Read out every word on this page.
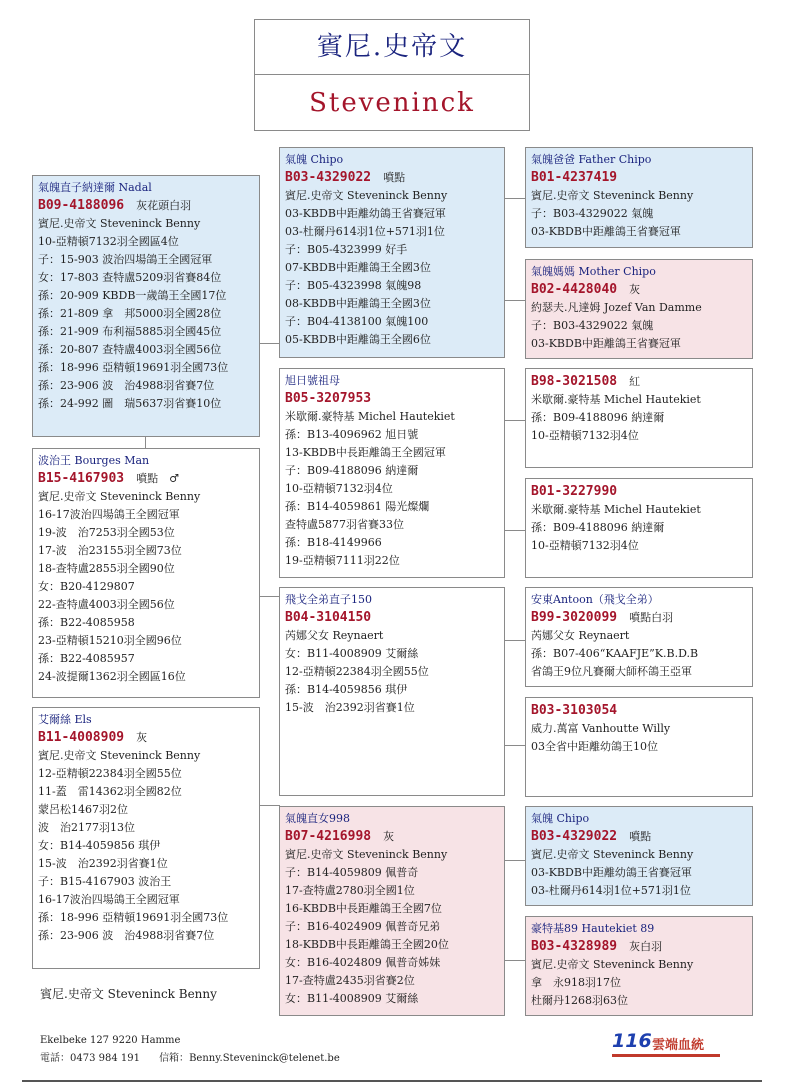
賓尼.史帝文
Steveninck
氣魄直子納達爾 Nadal
B09-4188096 灰花頭白羽
賓尼.史帝文 Steveninck Benny
10-亞精頓7132羽全國區4位
子：15-903 波治四場鴿王全國冠軍
女：17-803 查特盧5209羽省賽84位
孫：20-909 KBDB一歲鴿王全國17位
孫：21-809 拿　邦5000羽全國28位
孫：21-909 布利福5885羽全國45位
孫：20-807 查特盧4003羽全國56位
孫：18-996 亞精頓19691羽全國73位
孫：23-906 波　治4988羽省賽7位
孫：24-992 圖　瑞5637羽省賽10位
波治王 Bourges Man
B15-4167903 噴點　♂
賓尼.史帝文 Steveninck Benny
16-17波治四場鴿王全國冠軍
19-波　治7253羽全國53位
17-波　治23155羽全國73位
18-查特盧2855羽全國90位
女：B20-4129807
22-查特盧4003羽全國56位
孫：B22-4085958
23-亞精頓15210羽全國96位
孫：B22-4085957
24-波提爾1362羽全國區16位
艾爾絲 Els
B11-4008909 灰
賓尼.史帝文 Steveninck Benny
12-亞精頓22384羽全國55位
11-蓋　雷14362羽全國82位
蒙呂松1467羽2位
波　治2177羽13位
女：B14-4059856 琪伊
15-波　治2392羽省賽1位
子：B15-4167903 波治王
16-17波治四場鴿王全國冠軍
孫：18-996 亞精頓19691羽全國73位
孫：23-906 波　治4988羽省賽7位
氣魄 Chipo
B03-4329022 噴點
賓尼.史帝文 Steveninck Benny
03-KBDB中距離幼鴿王省賽冠軍
03-杜爾丹614羽1位+571羽1位
子：B05-4323999 好手
07-KBDB中距離鴿王全國3位
子：B05-4323998 氣魄98
08-KBDB中距離鴿王全國3位
子：B04-4138100 氣魄100
05-KBDB中距離鴿王全國6位
旭日號祖母
B05-3207953
米歇爾.豪特基 Michel Hautekiet
孫：B13-4096962 旭日號
13-KBDB中長距離鴿王全國冠軍
子：B09-4188096 納達爾
10-亞精頓7132羽4位
孫：B14-4059861 陽光燦爛
查特盧5877羽省賽33位
孫：B18-4149966
19-亞精頓7111羽22位
飛戈全弟直子150
B04-3104150
芮娜父女 Reynaert
女：B11-4008909 艾爾絲
12-亞精頓22384羽全國55位
孫：B14-4059856 琪伊
15-波　治2392羽省賽1位
氣魄直女998
B07-4216998 灰
賓尼.史帝文 Steveninck Benny
子：B14-4059809 佩普奇
17-查特盧2780羽全國1位
16-KBDB中長距離鴿王全國7位
子：B16-4024909 佩普奇兄弟
18-KBDB中長距離鴿王全國20位
女：B16-4024809 佩普奇姊妹
17-查特盧2435羽省賽2位
女：B11-4008909 艾爾絲
氣魄爸爸 Father Chipo
B01-4237419
賓尼.史帝文 Steveninck Benny
子：B03-4329022 氣魄
03-KBDB中距離鴿王省賽冠軍
氣魄媽媽 Mother Chipo
B02-4428040 灰
約瑟夫.凡達姆 Jozef Van Damme
子：B03-4329022 氣魄
03-KBDB中距離鴿王省賽冠軍
B98-3021508 紅
米歇爾.豪特基 Michel Hautekiet
孫：B09-4188096 納達爾
10-亞精頓7132羽4位
B01-3227990
米歇爾.豪特基 Michel Hautekiet
孫：B09-4188096 納達爾
10-亞精頓7132羽4位
安東Antoon（飛戈全弟）
B99-3020099 噴點白羽
芮娜父女 Reynaert
孫：B07-406“KAAFJE”K.B.D.B
省鴿王9位凡賽爾大師杯鴿王亞軍
B03-3103054
威力.萬富 Vanhoutte Willy
03全省中距離幼鴿王10位
氣魄 Chipo
B03-4329022 噴點
賓尼.史帝文 Steveninck Benny
03-KBDB中距離幼鴿王省賽冠軍
03-杜爾丹614羽1位+571羽1位
豪特基89 Hautekiet 89
B03-4328989 灰白羽
賓尼.史帝文 Steveninck Benny
拿　永918羽17位
杜爾丹1268羽63位
賓尼.史帝文 Steveninck Benny
Ekelbeke 127 9220 Hamme
電話：0473 984 191 信箱：Benny.Steveninck@telenet.be
116 雲端血統
